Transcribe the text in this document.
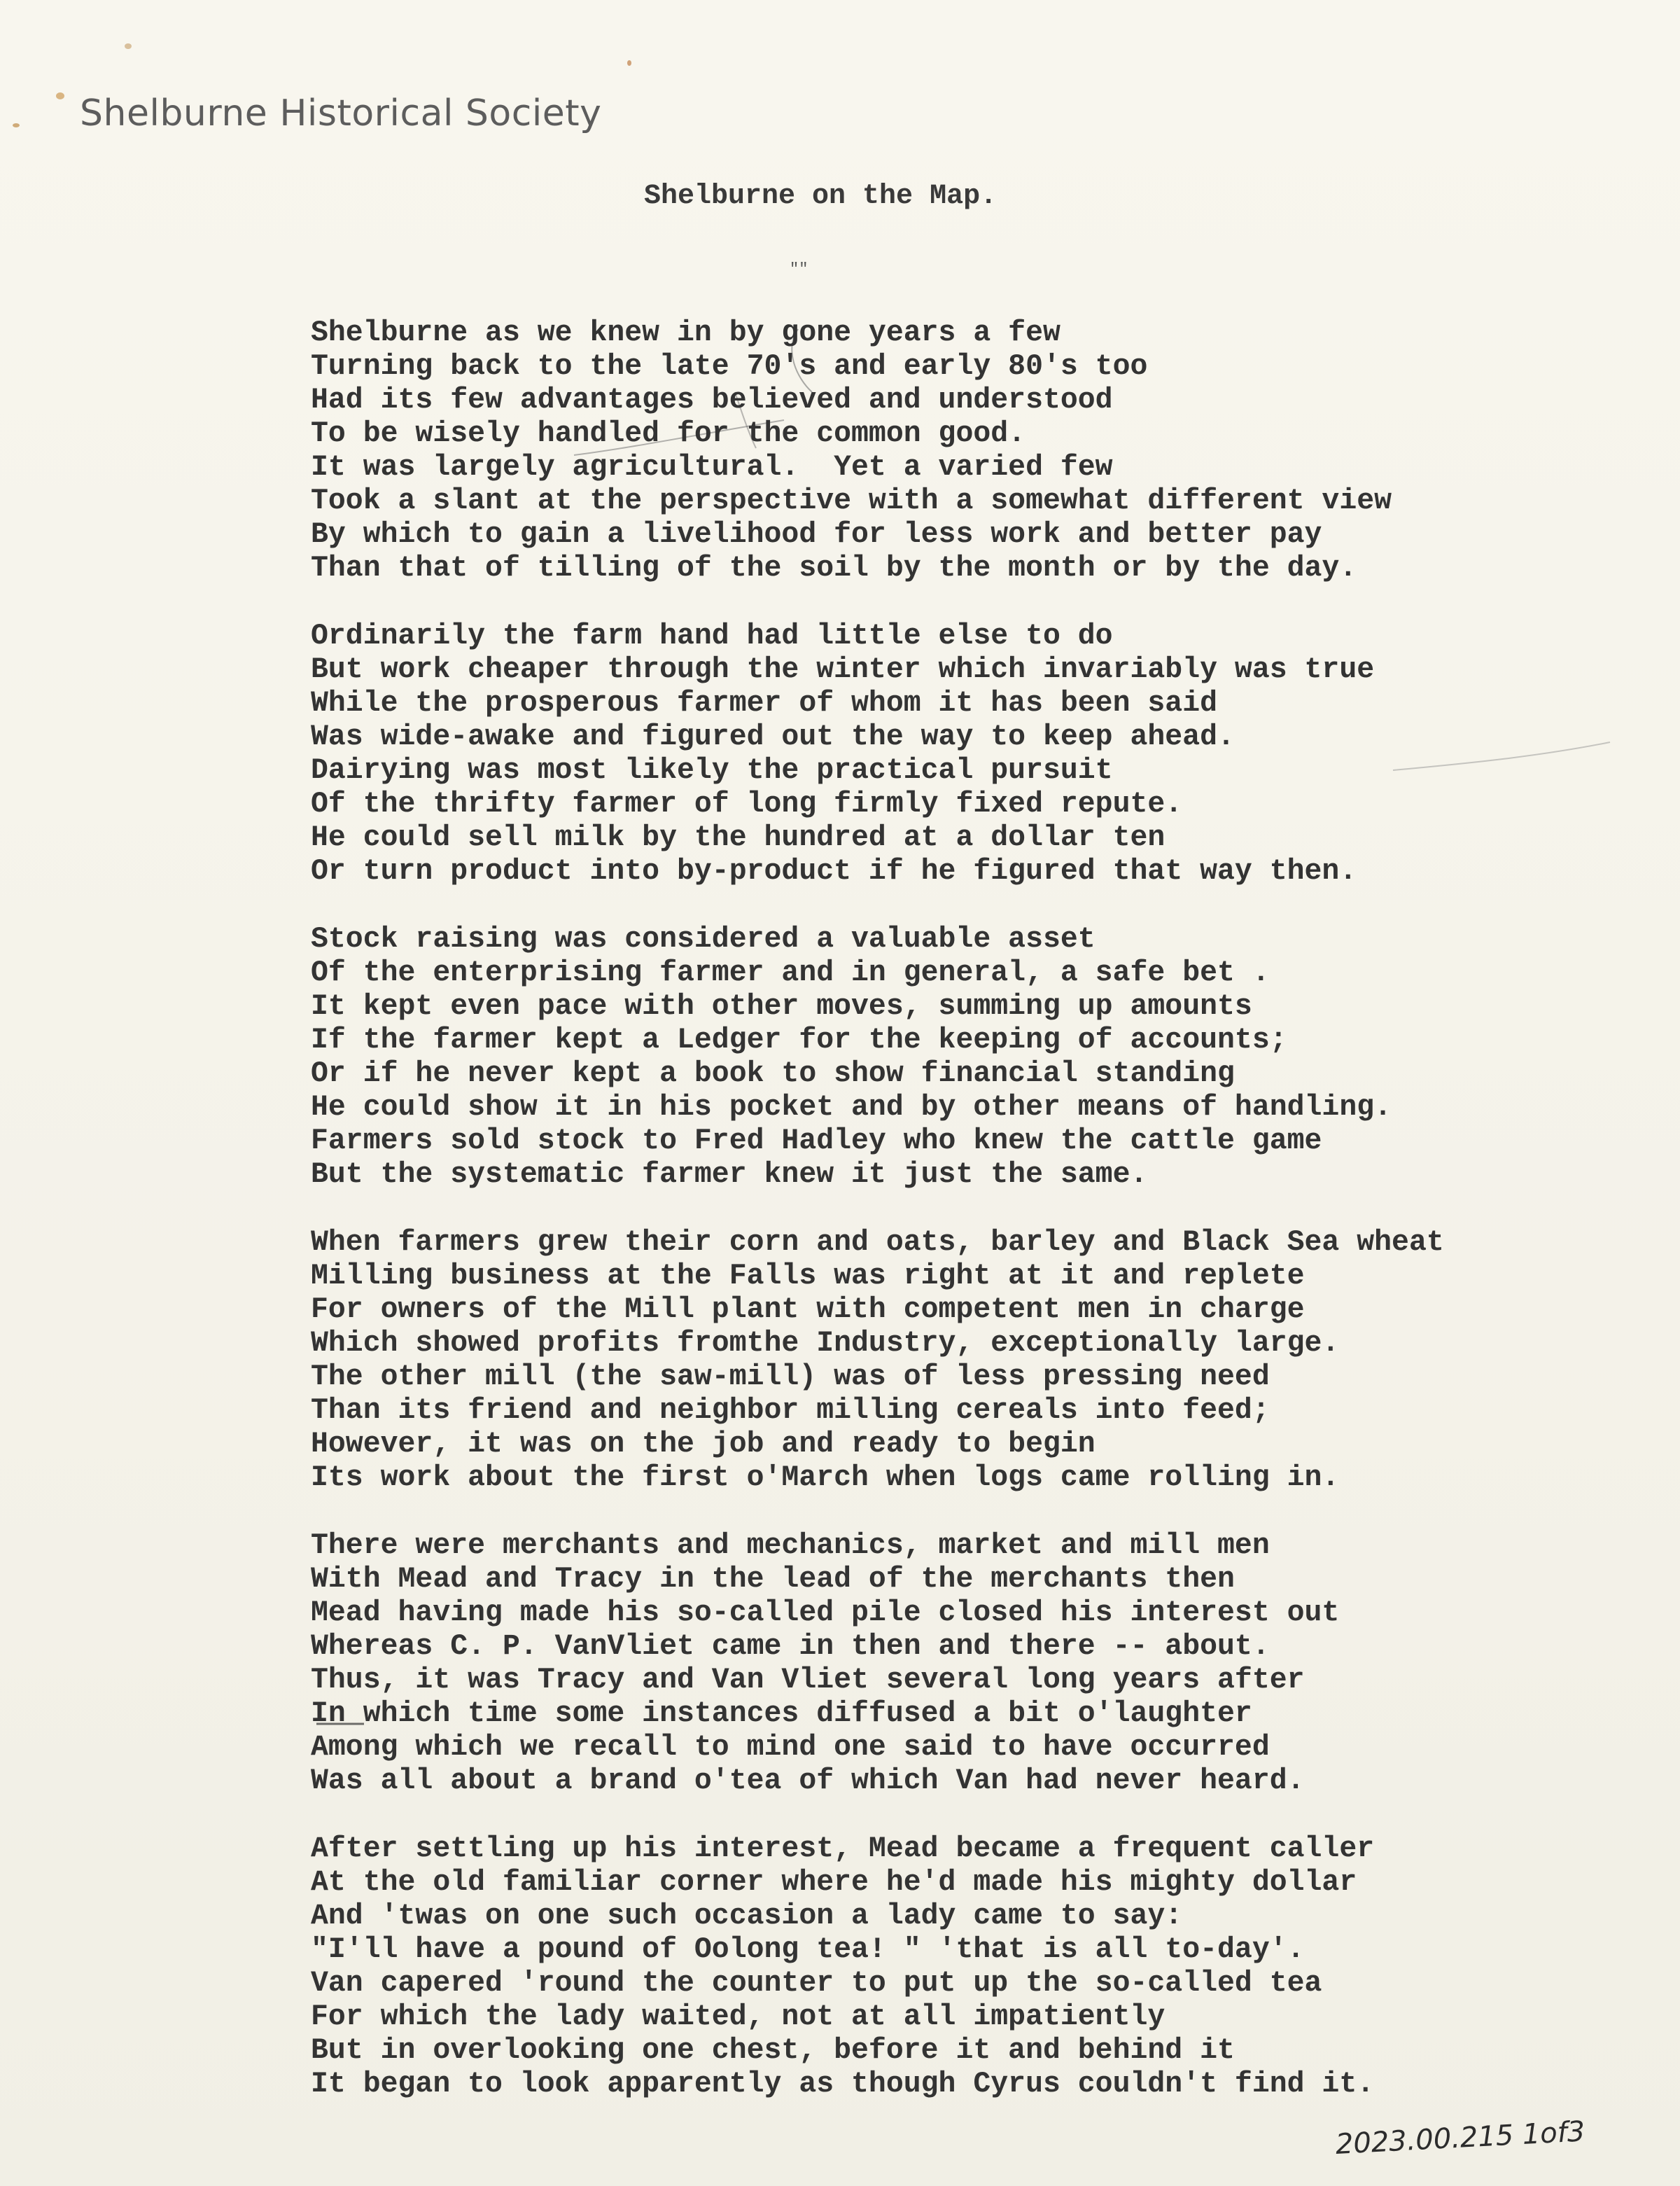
Shelburne Historical Society
Shelburne on the Map.
""
Shelburne as we knew in by gone years a few
Turning back to the late 70's and early 80's too
Had its few advantages believed and understood
To be wisely handled for the common good.
It was largely agricultural.  Yet a varied few
Took a slant at the perspective with a somewhat different view
By which to gain a livelihood for less work and better pay
Than that of tilling of the soil by the month or by the day.
Ordinarily the farm hand had little else to do
But work cheaper through the winter which invariably was true
While the prosperous farmer of whom it has been said
Was wide-awake and figured out the way to keep ahead.
Dairying was most likely the practical pursuit
Of the thrifty farmer of long firmly fixed repute.
He could sell milk by the hundred at a dollar ten
Or turn product into by-product if he figured that way then.
Stock raising was considered a valuable asset
Of the enterprising farmer and in general, a safe bet .
It kept even pace with other moves, summing up amounts
If the farmer kept a Ledger for the keeping of accounts;
Or if he never kept a book to show financial standing
He could show it in his pocket and by other means of handling.
Farmers sold stock to Fred Hadley who knew the cattle game
But the systematic farmer knew it just the same.
When farmers grew their corn and oats, barley and Black Sea wheat
Milling business at the Falls was right at it and replete
For owners of the Mill plant with competent men in charge
Which showed profits fromthe Industry, exceptionally large.
The other mill (the saw-mill) was of less pressing need
Than its friend and neighbor milling cereals into feed;
However, it was on the job and ready to begin
Its work about the first o'March when logs came rolling in.
There were merchants and mechanics, market and mill men
With Mead and Tracy in the lead of the merchants then
Mead having made his so-called pile closed his interest out
Whereas C. P. VanVliet came in then and there -- about.
Thus, it was Tracy and Van Vliet several long years after
In which time some instances diffused a bit o'laughter
Among which we recall to mind one said to have occurred
Was all about a brand o'tea of which Van had never heard.
After settling up his interest, Mead became a frequent caller
At the old familiar corner where he'd made his mighty dollar
And 'twas on one such occasion a lady came to say:
"I'll have a pound of Oolong tea! " 'that is all to-day'.
Van capered 'round the counter to put up the so-called tea
For which the lady waited, not at all impatiently
But in overlooking one chest, before it and behind it
It began to look apparently as though Cyrus couldn't find it.
2023.00.215 1of3
